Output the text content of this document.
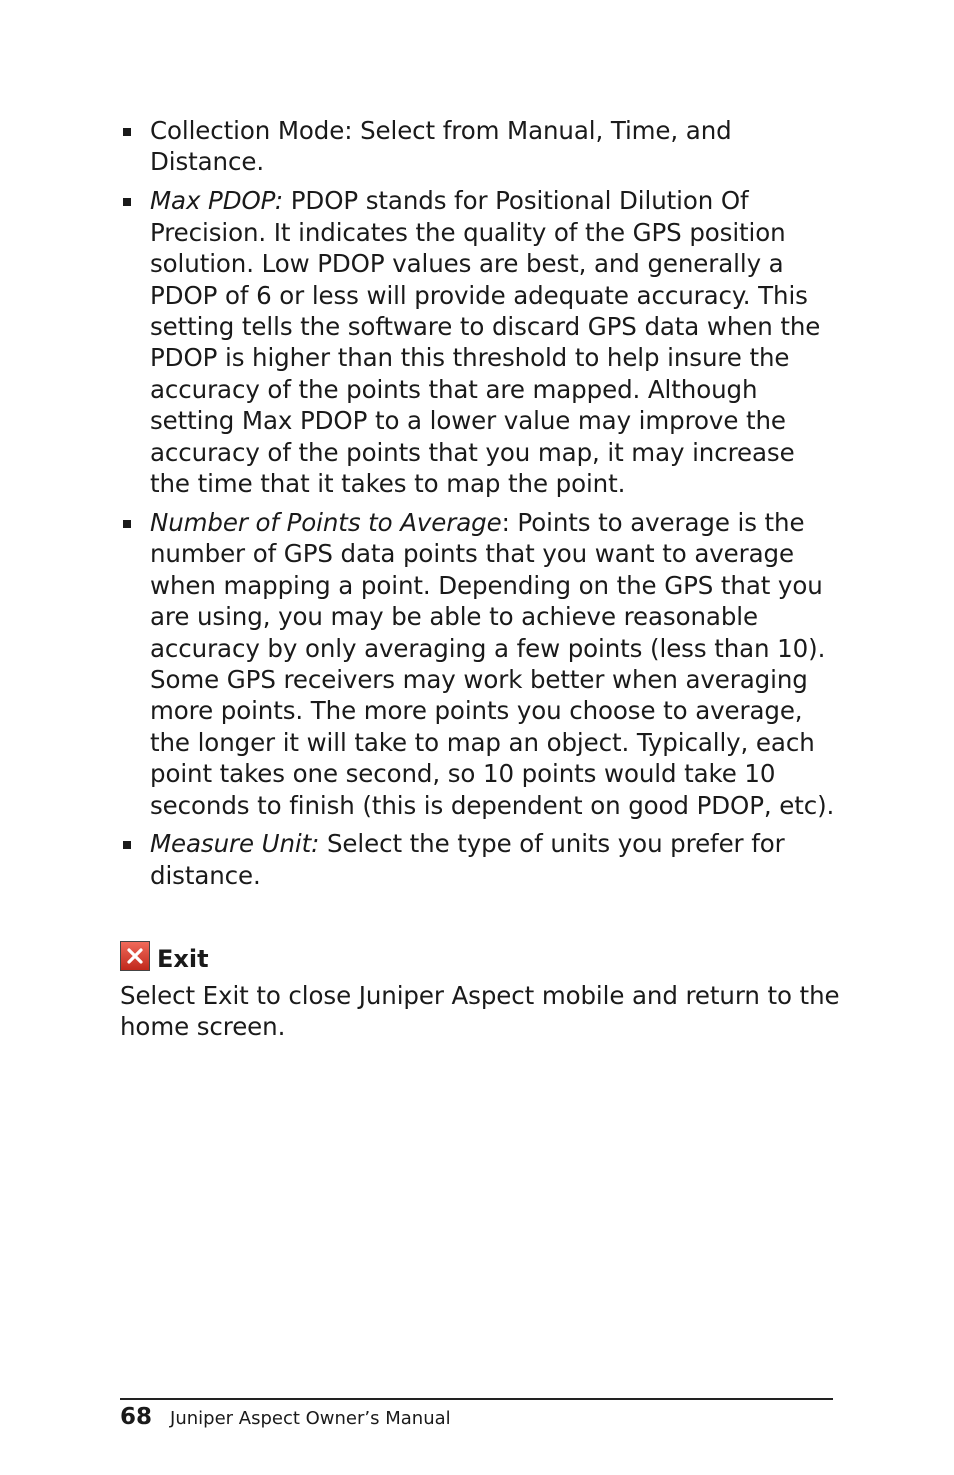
Collection Mode: Select from Manual, Time, and Distance.
Max PDOP: PDOP stands for Positional Dilution Of Precision. It indicates the quality of the GPS position solution. Low PDOP values are best, and generally a PDOP of 6 or less will provide adequate accuracy. This setting tells the software to discard GPS data when the PDOP is higher than this threshold to help insure the accuracy of the points that are mapped. Although setting Max PDOP to a lower value may improve the accuracy of the points that you map, it may increase the time that it takes to map the point.
Number of Points to Average: Points to average is the number of GPS data points that you want to average when mapping a point. Depending on the GPS that you are using, you may be able to achieve reasonable accuracy by only averaging a few points (less than 10). Some GPS receivers may work better when averaging more points. The more points you choose to average, the longer it will take to map an object. Typically, each point takes one second, so 10 points would take 10 seconds to finish (this is dependent on good PDOP, etc).
Measure Unit: Select the type of units you prefer for distance.
Exit

Select Exit to close Juniper Aspect mobile and return to the home screen.

68 Juniper Aspect Owner’s Manual
